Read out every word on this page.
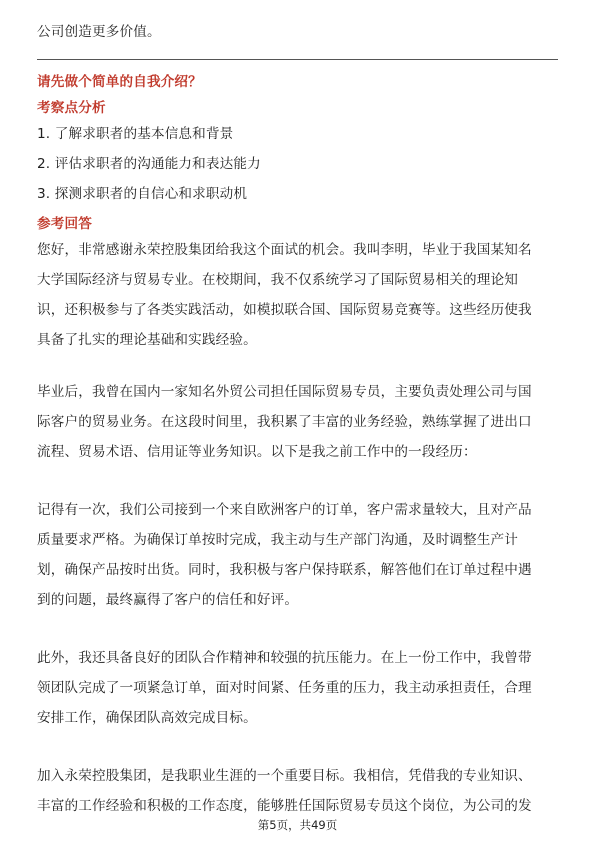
公司创造更多价值。
请先做个简单的自我介绍？
考察点分析
1. 了解求职者的基本信息和背景
2. 评估求职者的沟通能力和表达能力
3. 探测求职者的自信心和求职动机
参考回答
您好，非常感谢永荣控股集团给我这个面试的机会。我叫李明，毕业于我国某知名
大学国际经济与贸易专业。在校期间，我不仅系统学习了国际贸易相关的理论知
识，还积极参与了各类实践活动，如模拟联合国、国际贸易竞赛等。这些经历使我
具备了扎实的理论基础和实践经验。
毕业后，我曾在国内一家知名外贸公司担任国际贸易专员，主要负责处理公司与国
际客户的贸易业务。在这段时间里，我积累了丰富的业务经验，熟练掌握了进出口
流程、贸易术语、信用证等业务知识。以下是我之前工作中的一段经历：
记得有一次，我们公司接到一个来自欧洲客户的订单，客户需求量较大，且对产品
质量要求严格。为确保订单按时完成，我主动与生产部门沟通，及时调整生产计
划，确保产品按时出货。同时，我积极与客户保持联系，解答他们在订单过程中遇
到的问题，最终赢得了客户的信任和好评。
此外，我还具备良好的团队合作精神和较强的抗压能力。在上一份工作中，我曾带
领团队完成了一项紧急订单，面对时间紧、任务重的压力，我主动承担责任，合理
安排工作，确保团队高效完成目标。
加入永荣控股集团，是我职业生涯的一个重要目标。我相信，凭借我的专业知识、
丰富的工作经验和积极的工作态度，能够胜任国际贸易专员这个岗位，为公司的发
第5页，共49页
